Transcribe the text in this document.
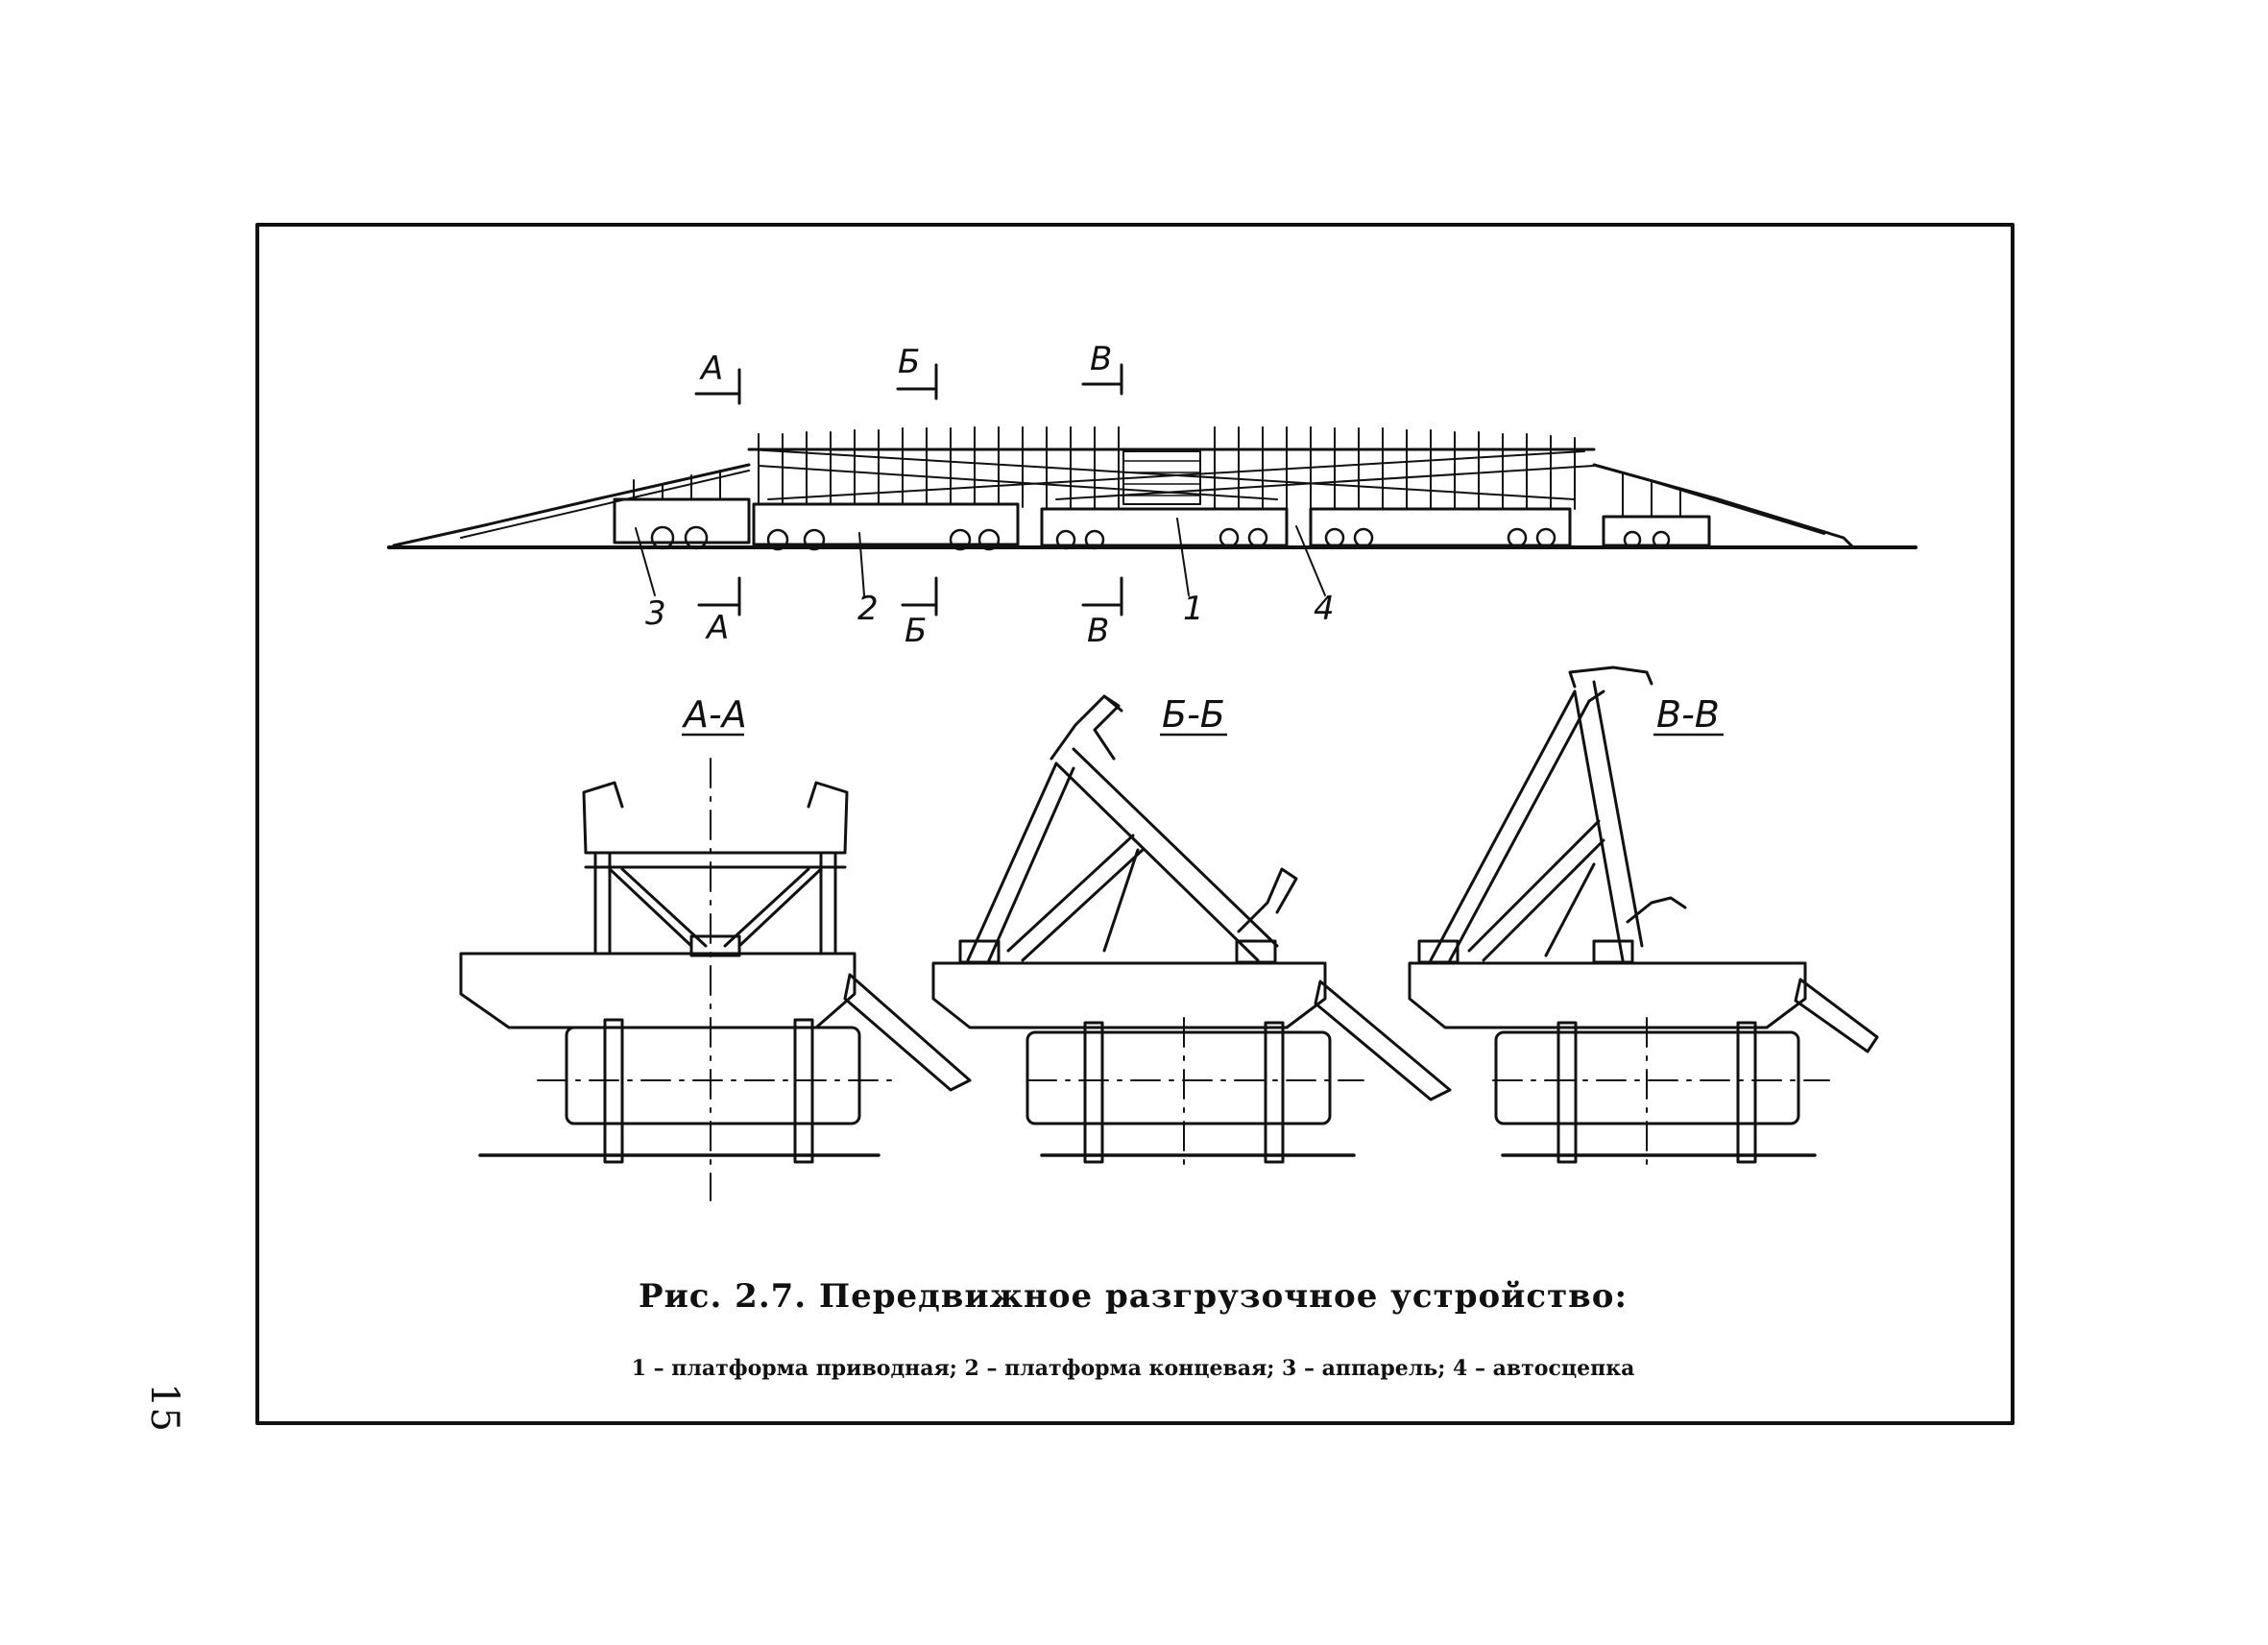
А	Б	В
А	Б	В
3	2	1	4
А-А	Б-Б	В-В
Рис. 2.7. Передвижное разгрузочное устройство:
1 – платформа приводная; 2 – платформа концевая; 3 – аппарель; 4 – автосцепка
15
